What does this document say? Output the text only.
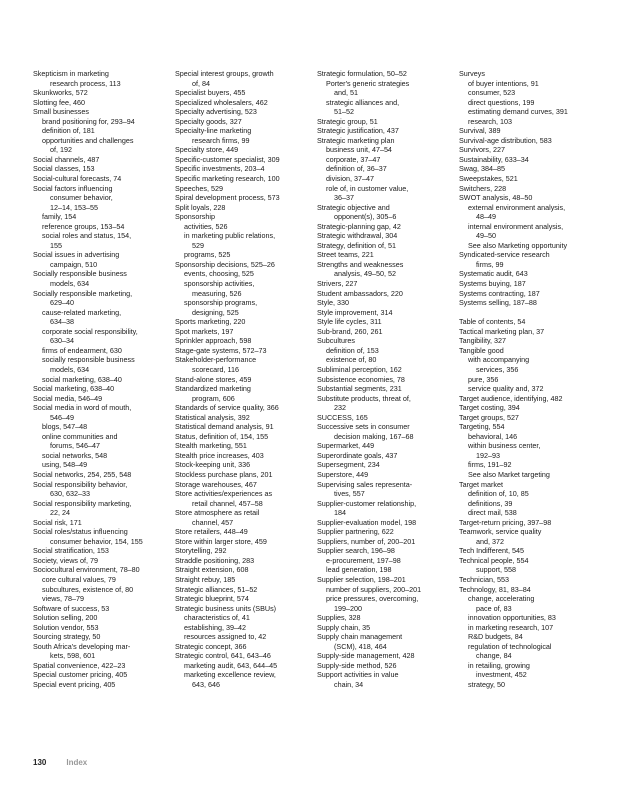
Skepticism in marketing
research process, 113
Skunkworks, 572
Slotting fee, 460
Small businesses
brand positioning for, 293–94
definition of, 181
opportunities and challenges
of, 192
Social channels, 487
Social classes, 153
Social-cultural forecasts, 74
Social factors influencing
consumer behavior,
12–14, 153–55
family, 154
reference groups, 153–54
social roles and status, 154,
155
Social issues in advertising
campaign, 510
Socially responsible business
models, 634
Socially responsible marketing,
629–40
cause-related marketing,
634–38
corporate social responsibility,
630–34
firms of endearment, 630
socially responsible business
models, 634
social marketing, 638–40
Social marketing, 638–40
Social media, 546–49
Social media in word of mouth,
546–49
blogs, 547–48
online communities and
forums, 546–47
social networks, 548
using, 548–49
Social networks, 254, 255, 548
Social responsibility behavior,
630, 632–33
Social responsibility marketing,
22, 24
Social risk, 171
Social roles/status influencing
consumer behavior, 154, 155
Social stratification, 153
Society, views of, 79
Sociocultural environment, 78–80
core cultural values, 79
subcultures, existence of, 80
views, 78–79
Software of success, 53
Solution selling, 200
Solution vendor, 553
Sourcing strategy, 50
South Africa's developing mar-
kets, 598, 601
Spatial convenience, 422–23
Special customer pricing, 405
Special event pricing, 405
Special interest groups, growth
of, 84
Specialist buyers, 455
Specialized wholesalers, 462
Specialty advertising, 523
Specialty goods, 327
Specialty-line marketing
research firms, 99
Specialty store, 449
Specific-customer specialist, 309
Specific investments, 203–4
Specific marketing research, 100
Speeches, 529
Spiral development process, 573
Split loyals, 228
Sponsorship
activities, 526
in marketing public relations,
529
programs, 525
Sponsorship decisions, 525–26
events, choosing, 525
sponsorship activities,
measuring, 526
sponsorship programs,
designing, 525
Sports marketing, 220
Spot markets, 197
Sprinkler approach, 598
Stage-gate systems, 572–73
Stakeholder-performance
scorecard, 116
Stand-alone stores, 459
Standardized marketing
program, 606
Standards of service quality, 366
Statistical analysis, 392
Statistical demand analysis, 91
Status, definition of, 154, 155
Stealth marketing, 551
Stealth price increases, 403
Stock-keeping unit, 336
Stockless purchase plans, 201
Storage warehouses, 467
Store activities/experiences as
retail channel, 457–58
Store atmosphere as retail
channel, 457
Store retailers, 448–49
Store within larger store, 459
Storytelling, 292
Straddle positioning, 283
Straight extension, 608
Straight rebuy, 185
Strategic alliances, 51–52
Strategic blueprint, 574
Strategic business units (SBUs)
characteristics of, 41
establishing, 39–42
resources assigned to, 42
Strategic concept, 366
Strategic control, 641, 643–46
marketing audit, 643, 644–45
marketing excellence review,
643, 646
Strategic formulation, 50–52
Porter's generic strategies
and, 51
strategic alliances and,
51–52
Strategic group, 51
Strategic justification, 437
Strategic marketing plan
business unit, 47–54
corporate, 37–47
definition of, 36–37
division, 37–47
role of, in customer value,
36–37
Strategic objective and
opponent(s), 305–6
Strategic-planning gap, 42
Strategic withdrawal, 304
Strategy, definition of, 51
Street teams, 221
Strengths and weaknesses
analysis, 49–50, 52
Strivers, 227
Student ambassadors, 220
Style, 330
Style improvement, 314
Style life cycles, 311
Sub-brand, 260, 261
Subcultures
definition of, 153
existence of, 80
Subliminal perception, 162
Subsistence economies, 78
Substantial segments, 231
Substitute products, threat of,
232
SUCCESS, 165
Successive sets in consumer
decision making, 167–68
Supermarket, 449
Superordinate goals, 437
Supersegment, 234
Superstore, 449
Supervising sales representa-
tives, 557
Supplier-customer relationship,
184
Supplier-evaluation model, 198
Supplier partnering, 622
Suppliers, number of, 200–201
Supplier search, 196–98
e-procurement, 197–98
lead generation, 198
Supplier selection, 198–201
number of suppliers, 200–201
price pressures, overcoming,
199–200
Supplies, 328
Supply chain, 35
Supply chain management
(SCM), 418, 464
Supply-side management, 428
Supply-side method, 526
Support activities in value
chain, 34
Surveys
of buyer intentions, 91
consumer, 523
direct questions, 199
estimating demand curves, 391
research, 103
Survival, 389
Survival-age distribution, 583
Survivors, 227
Sustainability, 633–34
Swag, 384–85
Sweepstakes, 521
Switchers, 228
SWOT analysis, 48–50
external environment analysis,
48–49
internal environment analysis,
49–50
See also Marketing opportunity
Syndicated-service research
firms, 99
Systematic audit, 643
Systems buying, 187
Systems contracting, 187
Systems selling, 187–88
Table of contents, 54
Tactical marketing plan, 37
Tangibility, 327
Tangible good
with accompanying
services, 356
pure, 356
service quality and, 372
Target audience, identifying, 482
Target costing, 394
Target groups, 527
Targeting, 554
behavioral, 146
within business center,
192–93
firms, 191–92
See also Market targeting
Target market
definition of, 10, 85
definitions, 39
direct mail, 538
Target-return pricing, 397–98
Teamwork, service quality
and, 372
Tech Indifferent, 545
Technical people, 554
support, 558
Technician, 553
Technology, 81, 83–84
change, accelerating
pace of, 83
innovation opportunities, 83
in marketing research, 107
R&D budgets, 84
regulation of technological
change, 84
in retailing, growing
investment, 452
strategy, 50
130	Index
